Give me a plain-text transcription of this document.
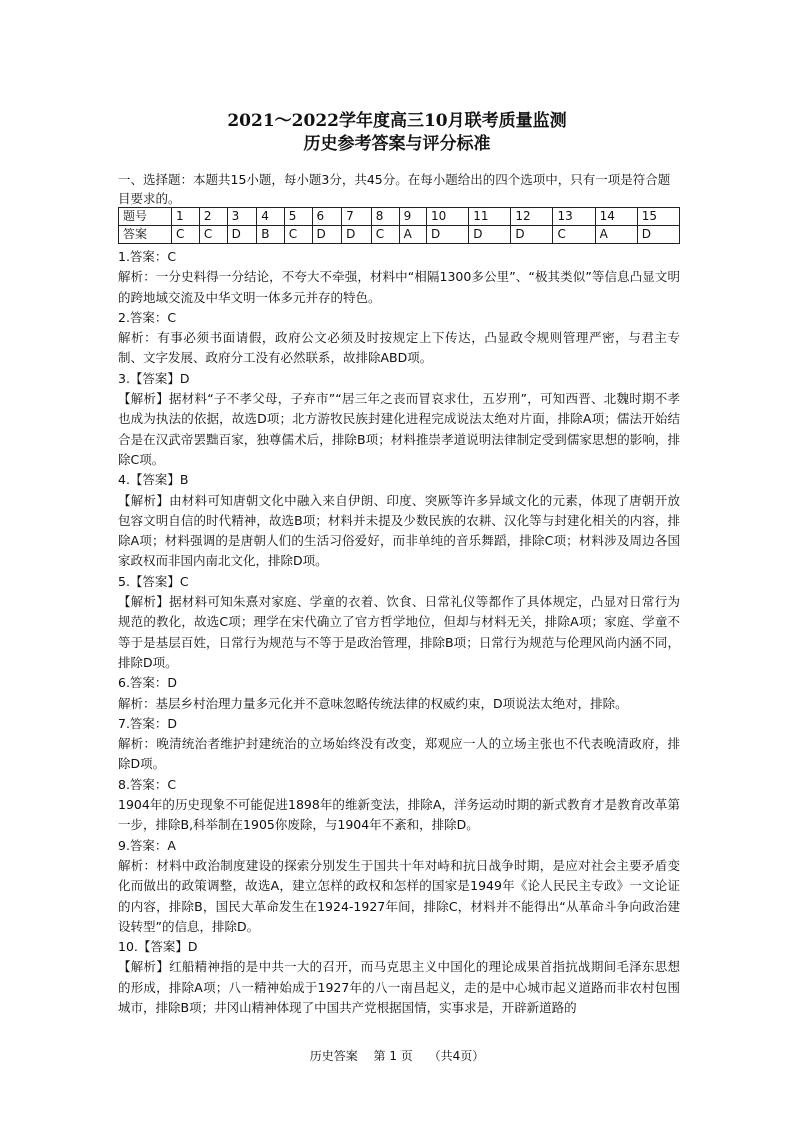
2021～2022学年度高三10月联考质量监测
历史参考答案与评分标准
一、选择题：本题共15小题，每小题3分，共45分。在每小题给出的四个选项中，只有一项是符合题目要求的。
题号	1	2	3	4	5	6	7	8	9	10	11	12	13	14	15
答案	C	C	D	B	C	D	D	C	A	D	D	D	C	A	D

1.答案：C

解析：一分史料得一分结论，不夸大不牵强，材料中“相隔1300多公里”、“极其类似”等信息凸显文明的跨地域交流及中华文明一体多元并存的特色。

2.答案：C

解析：有事必须书面请假，政府公文必须及时按规定上下传达，凸显政令规则管理严密，与君主专制、文字发展、政府分工没有必然联系，故排除ABD项。

3.【答案】D

【解析】据材料“子不孝父母，子弃市”“居三年之丧而冒哀求仕，五岁刑”，可知西晋、北魏时期不孝也成为执法的依据，故选D项；北方游牧民族封建化进程完成说法太绝对片面，排除A项；儒法开始结合是在汉武帝罢黜百家，独尊儒术后，排除B项；材料推崇孝道说明法律制定受到儒家思想的影响，排除C项。

4.【答案】B

【解析】由材料可知唐朝文化中融入来自伊朗、印度、突厥等许多异域文化的元素，体现了唐朝开放包容文明自信的时代精神，故选B项；材料并未提及少数民族的农耕、汉化等与封建化相关的内容，排除A项；材料强调的是唐朝人们的生活习俗爱好，而非单纯的音乐舞蹈，排除C项；材料涉及周边各国家政权而非国内南北文化，排除D项。

5.【答案】C

【解析】据材料可知朱熹对家庭、学童的衣着、饮食、日常礼仪等都作了具体规定，凸显对日常行为规范的教化，故选C项；理学在宋代确立了官方哲学地位，但却与材料无关，排除A项；家庭、学童不等于是基层百姓，日常行为规范与不等于是政治管理，排除B项；日常行为规范与伦理风尚内涵不同，排除D项。

6.答案：D

解析：基层乡村治理力量多元化并不意味忽略传统法律的权威约束，D项说法太绝对，排除。

7.答案：D

解析：晚清统治者维护封建统治的立场始终没有改变，郑观应一人的立场主张也不代表晚清政府，排除D项。

8.答案：C

1904年的历史现象不可能促进1898年的维新变法，排除A，洋务运动时期的新式教育才是教育改革第一步，排除B,科举制在1905你废除，与1904年不紊和，排除D。

9.答案：A

解析：材料中政治制度建设的探索分别发生于国共十年对峙和抗日战争时期，是应对社会主要矛盾变化而做出的政策调整，故选A，建立怎样的政权和怎样的国家是1949年《论人民民主专政》一文论证的内容，排除B，国民大革命发生在1924-1927年间，排除C，材料并不能得出“从革命斗争向政治建设转型”的信息，排除D。

10.【答案】D

【解析】红船精神指的是中共一大的召开，而马克思主义中国化的理论成果首指抗战期间毛泽东思想的形成，排除A项；八一精神始成于1927年的八一南昌起义，走的是中心城市起义道路而非农村包围城市，排除B项；井冈山精神体现了中国共产党根据国情，实事求是，开辟新道路的

历史答案 第 1 页 （共4页）
